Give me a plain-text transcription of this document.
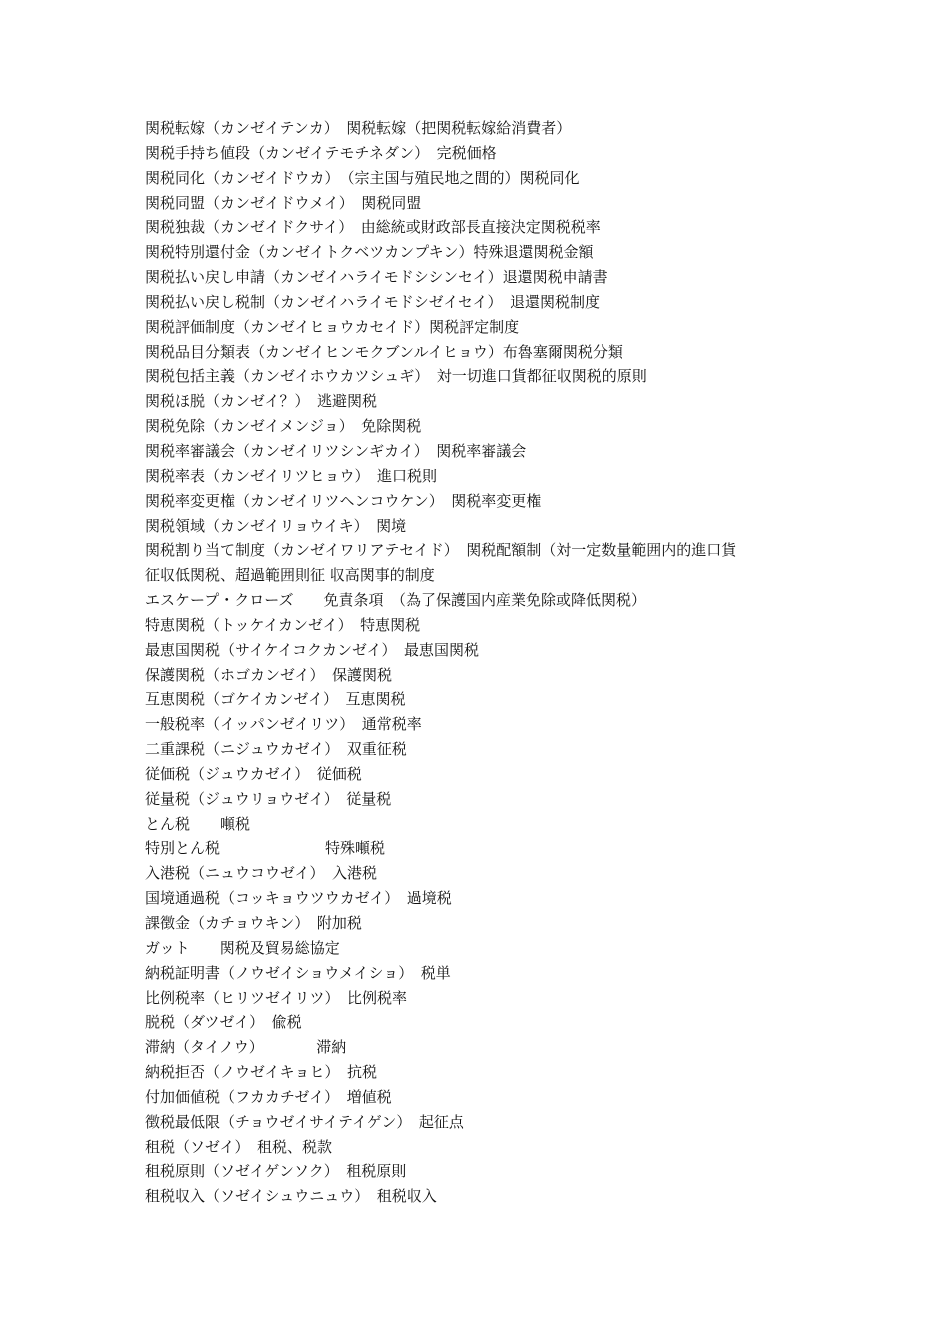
関税転嫁（カンゼイテンカ）　関税転嫁（把関税転嫁給消費者）
関税手持ち値段（カンゼイテモチネダン）　完税価格
関税同化（カンゼイドウカ）　（宗主国与殖民地之間的）関税同化
関税同盟（カンゼイドウメイ）　関税同盟
関税独裁（カンゼイドクサイ）　由総統或財政部長直接決定関税税率
関税特別還付金（カンゼイトクベツカンプキン）特殊退還関税金額
関税払い戻し申請（カンゼイハライモドシシンセイ）退還関税申請書
関税払い戻し税制（カンゼイハライモドシゼイセイ）　退還関税制度
関税評価制度（カンゼイヒョウカセイド）関税評定制度
関税品目分類表（カンゼイヒンモクブンルイヒョウ）布魯塞爾関税分類
関税包括主義（カンゼイホウカツシュギ）　対一切進口貨都征収関税的原則
関税ほ脱（カンゼイ？）　逃避関税
関税免除（カンゼイメンジョ）　免除関税
関税率審議会（カンゼイリツシンギカイ）　関税率審議会
関税率表（カンゼイリツヒョウ）　進口税則
関税率変更権（カンゼイリツヘンコウケン）　関税率変更権
関税領域（カンゼイリョウイキ）　関境
関税割り当て制度（カンゼイワリアテセイド）　関税配額制（対一定数量範囲内的進口貨
征収低関税、超過範囲則征 収高関事的制度
エスケープ・クローズ　　免責条項　（為了保護国内産業免除或降低関税）
特恵関税（トッケイカンゼイ）　特恵関税
最恵国関税（サイケイコクカンゼイ）　最恵国関税
保護関税（ホゴカンゼイ）　保護関税
互恵関税（ゴケイカンゼイ）　互恵関税
一般税率（イッパンゼイリツ）　通常税率
二重課税（ニジュウカゼイ）　双重征税
従価税（ジュウカゼイ）　従価税
従量税（ジュウリョウゼイ）　従量税
とん税　　噸税
特別とん税　　　　　　　特殊噸税
入港税（ニュウコウゼイ）　入港税
国境通過税（コッキョウツウカゼイ）　過境税
課徴金（カチョウキン）　附加税
ガット　　関税及貿易総協定
納税証明書（ノウゼイショウメイショ）　税単
比例税率（ヒリツゼイリツ）　比例税率
脱税（ダツゼイ）　偸税
滞納（タイノウ）　　　　滞納
納税拒否（ノウゼイキョヒ）　抗税
付加価値税（フカカチゼイ）　増値税
徴税最低限（チョウゼイサイテイゲン）　起征点
租税（ソゼイ）　租税、税款
租税原則（ソゼイゲンソク）　租税原則
租税収入（ソゼイシュウニュウ）　租税収入
